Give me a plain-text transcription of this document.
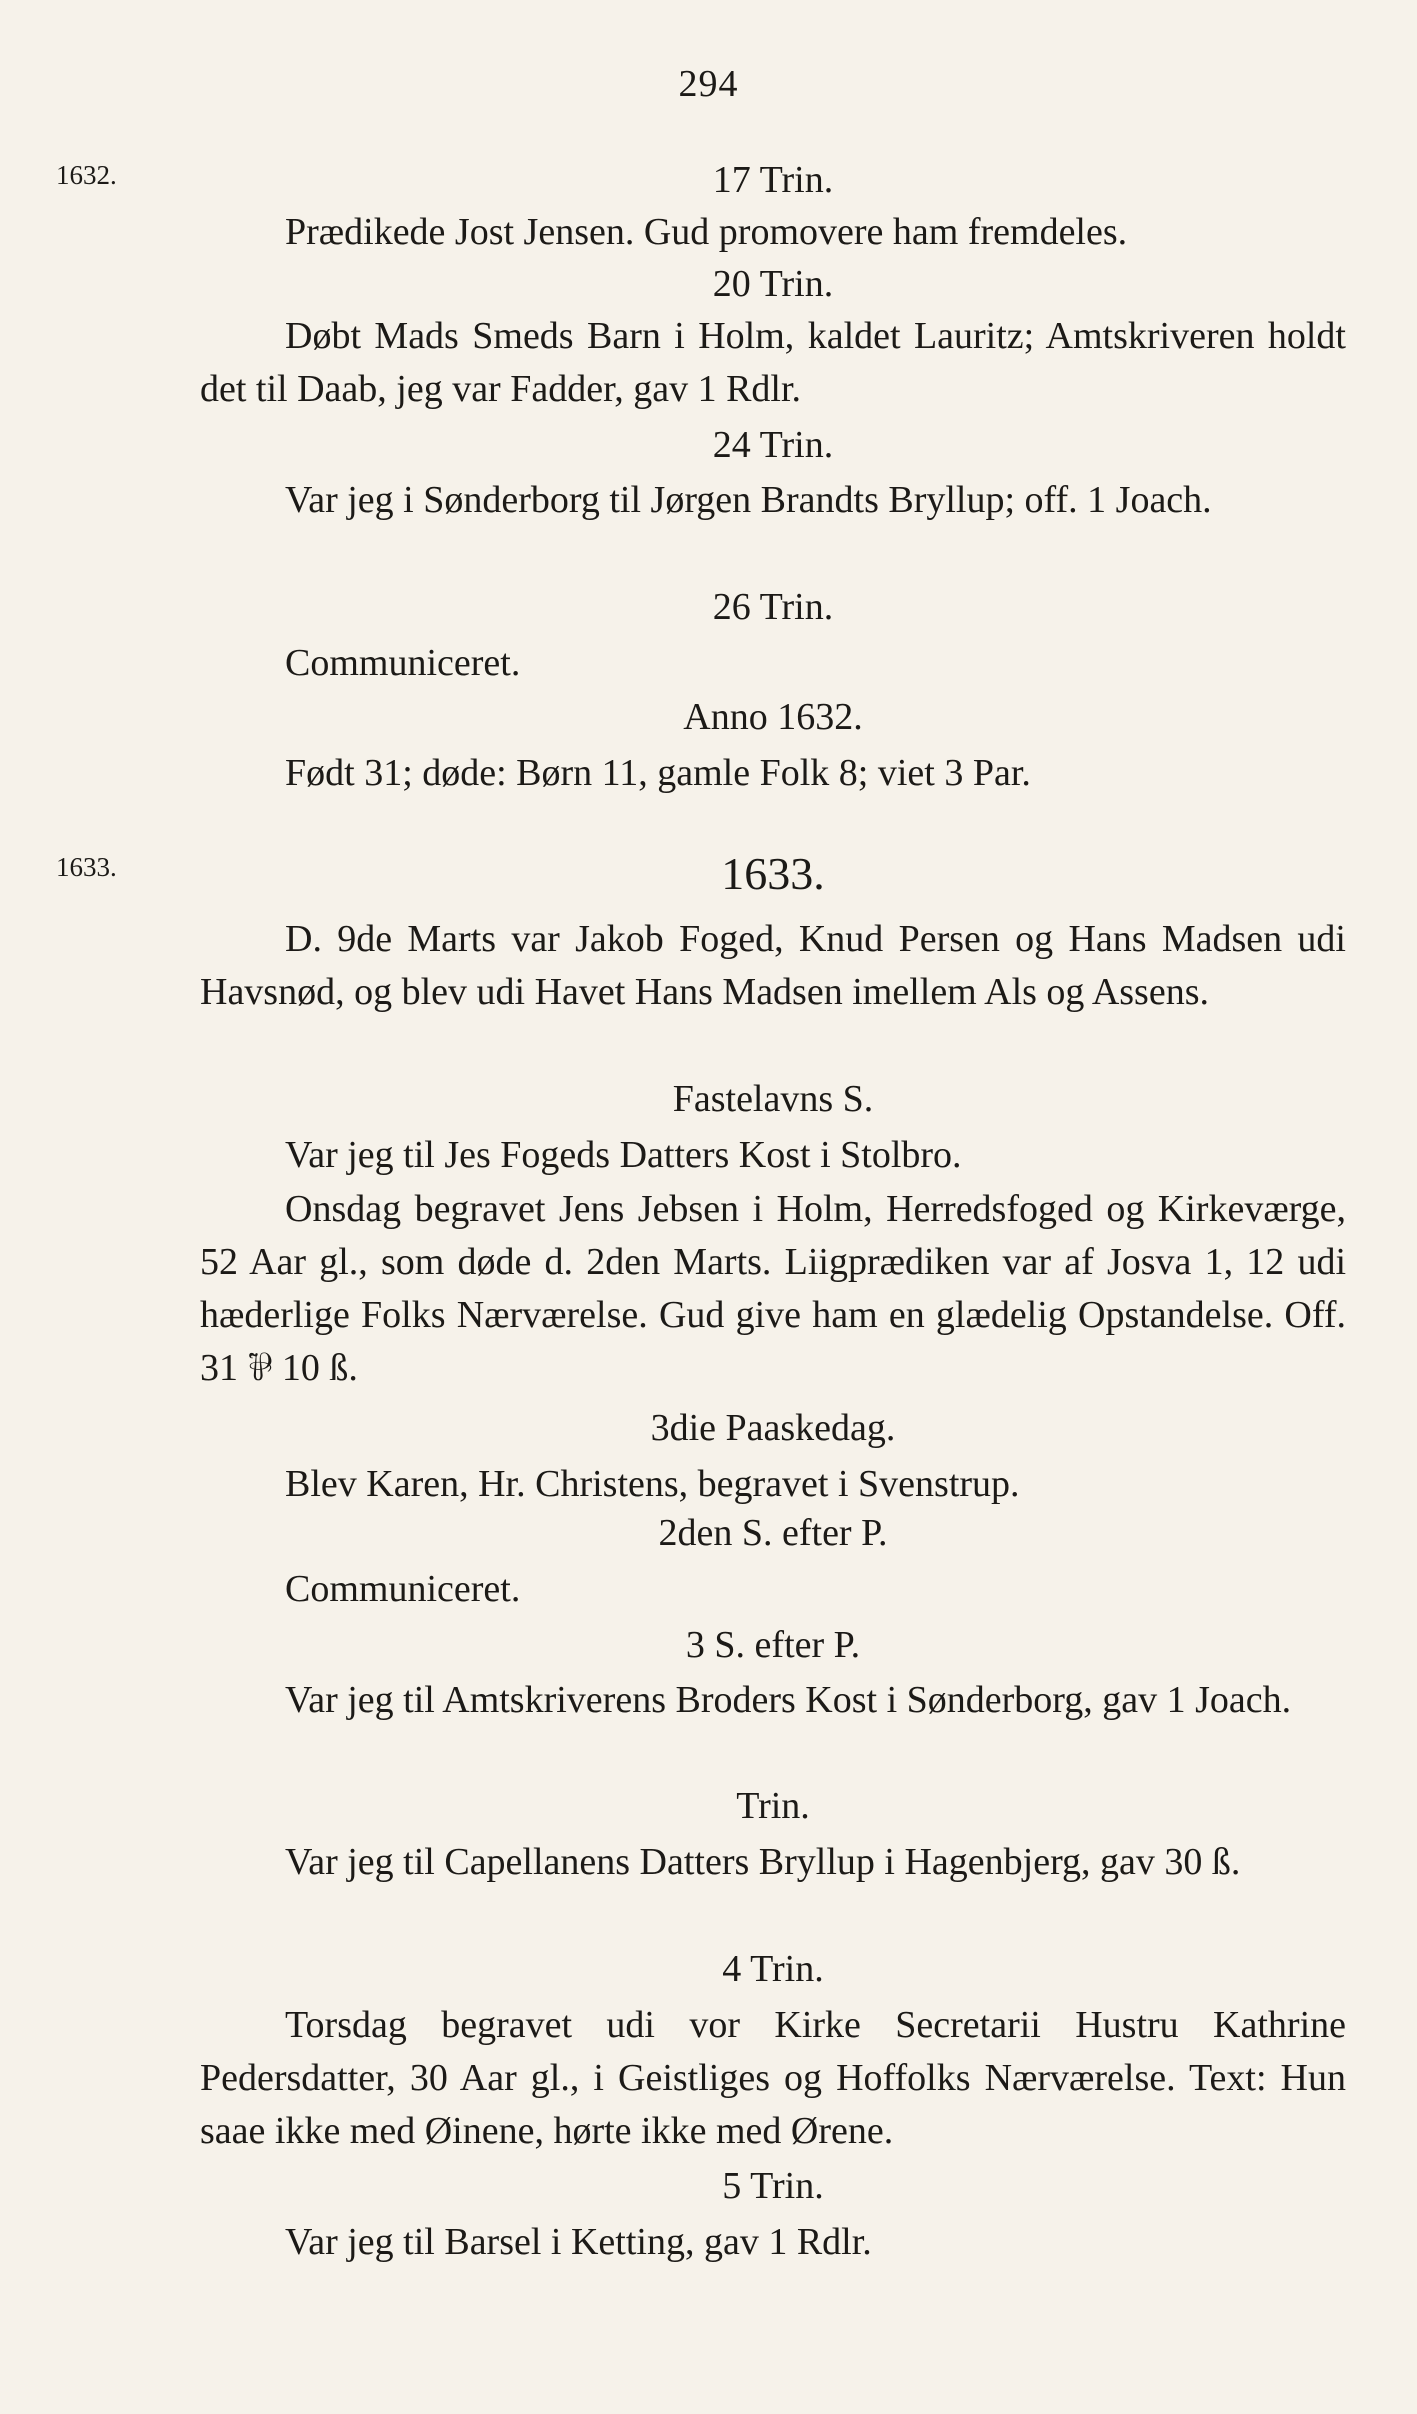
294
1632.
1633.
17 Trin.
Prædikede Jost Jensen. Gud promovere ham fremdeles.
20 Trin.
Døbt Mads Smeds Barn i Holm, kaldet Lauritz; Amtskriveren holdt det til Daab, jeg var Fadder, gav 1 Rdlr.
24 Trin.
Var jeg i Sønderborg til Jørgen Brandts Bryllup; off. 1 Joach.
26 Trin.
Communiceret.
Anno 1632.
Født 31; døde: Børn 11, gamle Folk 8; viet 3 Par.
1633.
D. 9de Marts var Jakob Foged, Knud Persen og Hans Madsen udi Havsnød, og blev udi Havet Hans Madsen imellem Als og Assens.
Fastelavns S.
Var jeg til Jes Fogeds Datters Kost i Stolbro.
Onsdag begravet Jens Jebsen i Holm, Herredsfoged og Kirkeværge, 52 Aar gl., som døde d. 2den Marts. Liigprædiken var af Josva 1, 12 udi hæderlige Folks Nærværelse. Gud give ham en glædelig Opstandelse. Off. 31 ⅌ 10 ß.
3die Paaskedag.
Blev Karen, Hr. Christens, begravet i Svenstrup.
2den S. efter P.
Communiceret.
3 S. efter P.
Var jeg til Amtskriverens Broders Kost i Sønderborg, gav 1 Joach.
Trin.
Var jeg til Capellanens Datters Bryllup i Hagenbjerg, gav 30 ß.
4 Trin.
Torsdag begravet udi vor Kirke Secretarii Hustru Kathrine Pedersdatter, 30 Aar gl., i Geistliges og Hoffolks Nærværelse. Text: Hun saae ikke med Øinene, hørte ikke med Ørene.
5 Trin.
Var jeg til Barsel i Ketting, gav 1 Rdlr.
